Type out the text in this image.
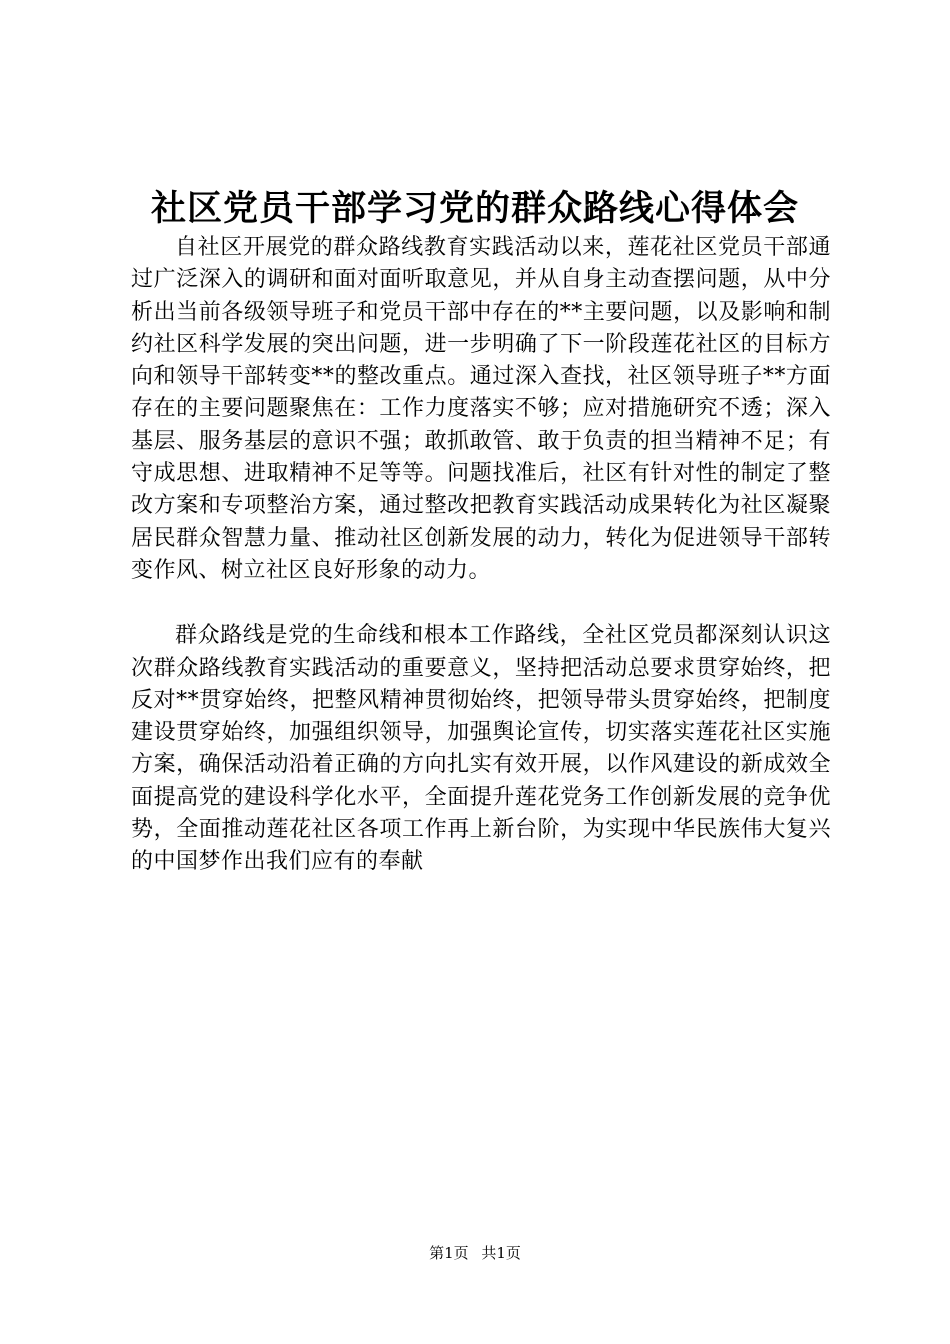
社区党员干部学习党的群众路线心得体会

自社区开展党的群众路线教育实践活动以来，莲花社区党员干部通过广泛深入的调研和面对面听取意见，并从自身主动查摆问题，从中分析出当前各级领导班子和党员干部中存在的**主要问题，以及影响和制约社区科学发展的突出问题，进一步明确了下一阶段莲花社区的目标方向和领导干部转变**的整改重点。通过深入查找，社区领导班子**方面存在的主要问题聚焦在：工作力度落实不够；应对措施研究不透；深入基层、服务基层的意识不强；敢抓敢管、敢于负责的担当精神不足；有守成思想、进取精神不足等等。问题找准后，社区有针对性的制定了整改方案和专项整治方案，通过整改把教育实践活动成果转化为社区凝聚居民群众智慧力量、推动社区创新发展的动力，转化为促进领导干部转变作风、树立社区良好形象的动力。

群众路线是党的生命线和根本工作路线，全社区党员都深刻认识这次群众路线教育实践活动的重要意义，坚持把活动总要求贯穿始终，把反对**贯穿始终，把整风精神贯彻始终，把领导带头贯穿始终，把制度建设贯穿始终，加强组织领导，加强舆论宣传，切实落实莲花社区实施方案，确保活动沿着正确的方向扎实有效开展，以作风建设的新成效全面提高党的建设科学化水平，全面提升莲花党务工作创新发展的竞争优势，全面推动莲花社区各项工作再上新台阶，为实现中华民族伟大复兴的中国梦作出我们应有的奉献

第1页 共1页
